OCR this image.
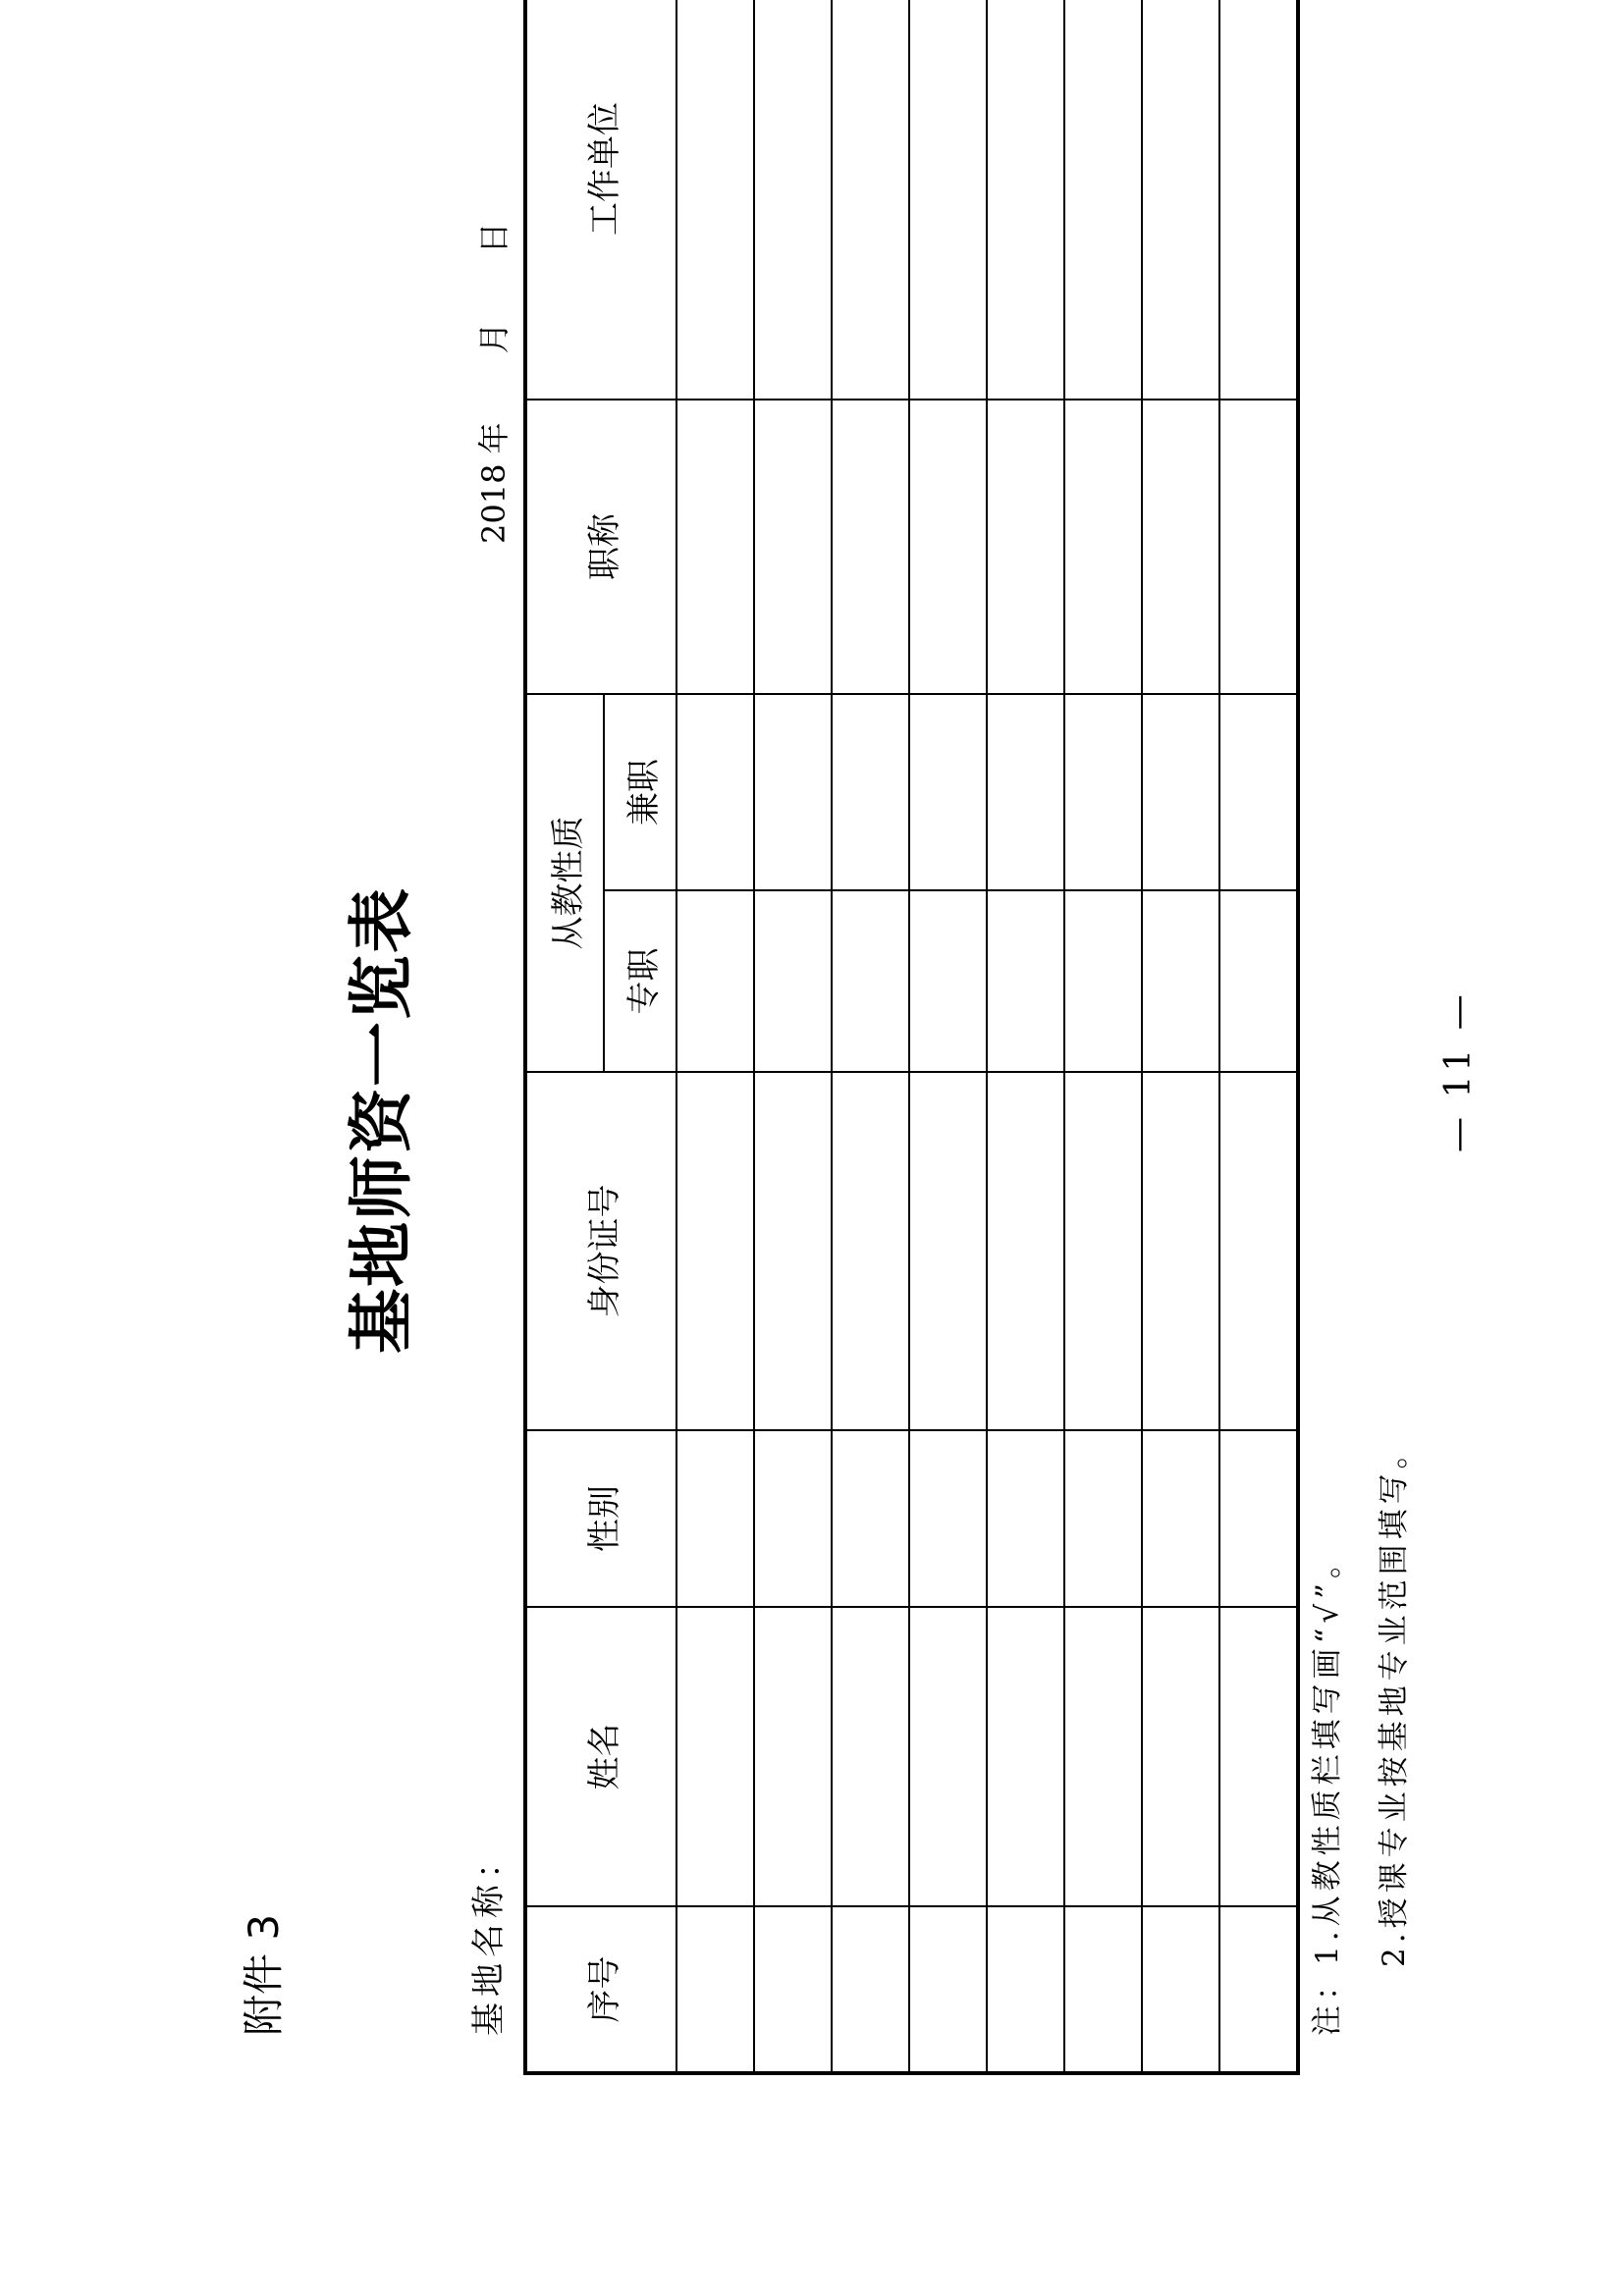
附件 3
基地师资一览表
基地名称：
2018 年月日
序号	姓名	性别	身份证号	从教性质		职称	工作单位		
				专职	兼职				

注：1.从教性质栏填写画“√”。	2.授课专业按基地专业范围填写。
— 11 —
